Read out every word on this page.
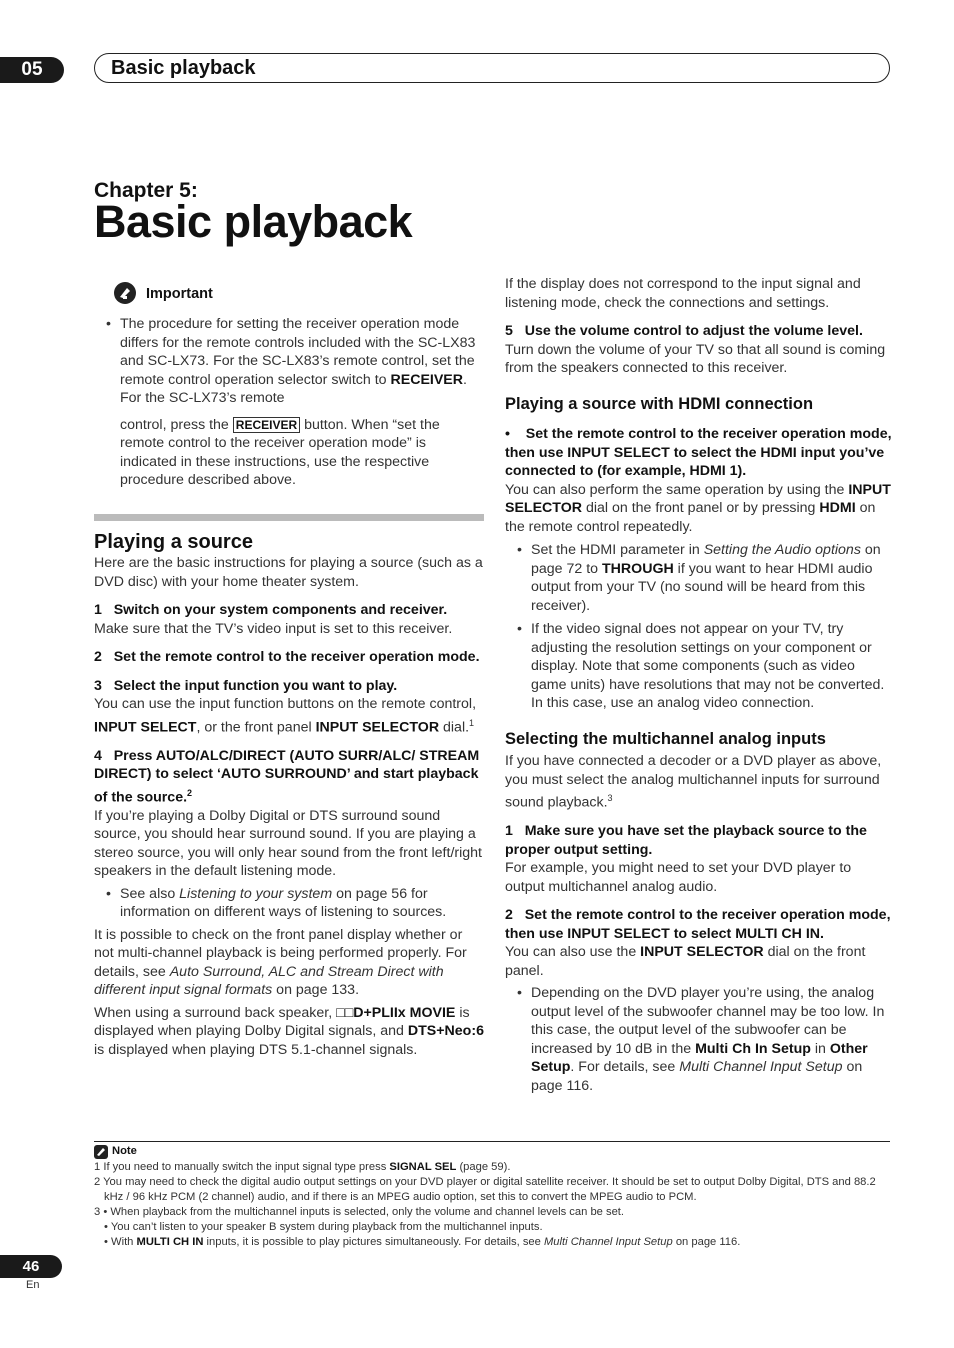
05	Basic playback
Chapter 5:
Basic playback
Important

• The procedure for setting the receiver operation mode differs for the remote controls included with the SC-LX83 and SC-LX73. For the SC-LX83’s remote control, set the remote control operation selector switch to RECEIVER. For the SC-LX73’s remote

control, press the RECEIVER button. When “set the remote control to the receiver operation mode” is indicated in these instructions, use the respective procedure described above.

Playing a source

Here are the basic instructions for playing a source (such as a DVD disc) with your home theater system.

1   Switch on your system components and receiver.

Make sure that the TV’s video input is set to this receiver.

2   Set the remote control to the receiver operation mode.

3   Select the input function you want to play.

You can use the input function buttons on the remote control, INPUT SELECT, or the front panel INPUT SELECTOR dial.$^1$

4   Press AUTO/ALC/DIRECT (AUTO SURR/ALC/ STREAM DIRECT) to select ‘AUTO SURROUND’ and start playback of the source.$^2$

If you’re playing a Dolby Digital or DTS surround sound source, you should hear surround sound. If you are playing a stereo source, you will only hear sound from the front left/right speakers in the default listening mode.

• See also Listening to your system on page 56 for information on different ways of listening to sources.

It is possible to check on the front panel display whether or not multi-channel playback is being performed properly. For details, see Auto Surround, ALC and Stream Direct with different input signal formats on page 133.

When using a surround back speaker, □□D+PLIIx MOVIE is displayed when playing Dolby Digital signals, and DTS+Neo:6 is displayed when playing DTS 5.1-channel signals.

If the display does not correspond to the input signal and listening mode, check the connections and settings.

5   Use the volume control to adjust the volume level.

Turn down the volume of your TV so that all sound is coming from the speakers connected to this receiver.

Playing a source with HDMI connection

•    Set the remote control to the receiver operation mode, then use INPUT SELECT to select the HDMI input you’ve connected to (for example, HDMI 1).

You can also perform the same operation by using the INPUT SELECTOR dial on the front panel or by pressing HDMI on the remote control repeatedly.

• Set the HDMI parameter in Setting the Audio options on page 72 to THROUGH if you want to hear HDMI audio output from your TV (no sound will be heard from this receiver).

• If the video signal does not appear on your TV, try adjusting the resolution settings on your component or display. Note that some components (such as video game units) have resolutions that may not be converted. In this case, use an analog video connection.

Selecting the multichannel analog inputs

If you have connected a decoder or a DVD player as above, you must select the analog multichannel inputs for surround sound playback.$^3$

1   Make sure you have set the playback source to the proper output setting.

For example, you might need to set your DVD player to output multichannel analog audio.

2   Set the remote control to the receiver operation mode, then use INPUT SELECT to select MULTI CH IN.

You can also use the INPUT SELECTOR dial on the front panel.

• Depending on the DVD player you’re using, the analog output level of the subwoofer channel may be too low. In this case, the output level of the subwoofer can be increased by 10 dB in the Multi Ch In Setup in Other Setup. For details, see Multi Channel Input Setup on page 116.

Note

1 If you need to manually switch the input signal type press SIGNAL SEL (page 59).

2 You may need to check the digital audio output settings on your DVD player or digital satellite receiver. It should be set to output Dolby Digital, DTS and 88.2 kHz / 96 kHz PCM (2 channel) audio, and if there is an MPEG audio option, set this to convert the MPEG audio to PCM.

3 • When playback from the multichannel inputs is selected, only the volume and channel levels can be set.

• You can’t listen to your speaker B system during playback from the multichannel inputs.

• With MULTI CH IN inputs, it is possible to play pictures simultaneously. For details, see Multi Channel Input Setup on page 116.

46
En
